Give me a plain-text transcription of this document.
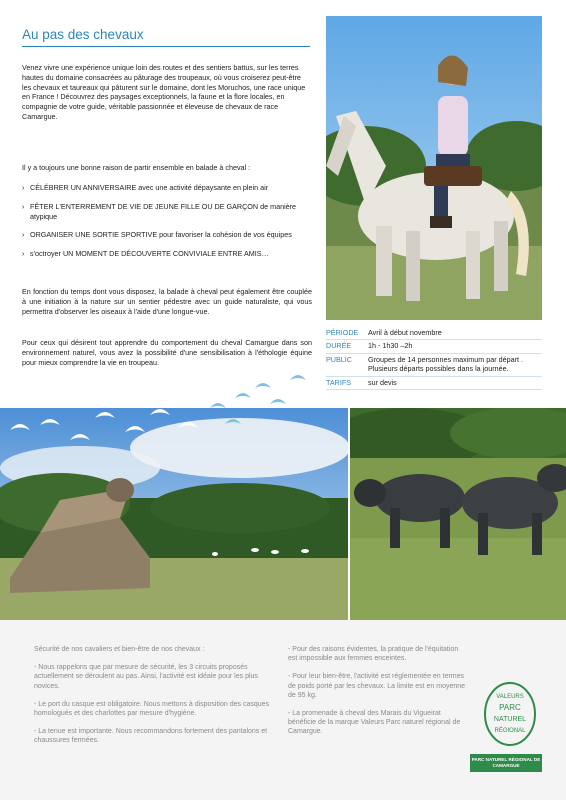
Au pas des chevaux

Venez vivre une expérience unique loin des routes et des sentiers battus, sur les terres hautes du domaine consacrées au pâturage des troupeaux, où vous croiserez peut-être les chevaux et taureaux qui pâturent sur le domaine, dont les Moruchos, une race unique en France ! Découvrez des paysages exceptionnels, la faune et la flore locales, en compagnie de votre guide, véritable passionnée et éleveuse de chevaux de race Camargue.

Il y a toujours une bonne raison de partir ensemble en balade à cheval :

› CÉLÉBRER UN ANNIVERSAIRE avec une activité dépaysante en plein air
› FÊTER L'ENTERREMENT DE VIE DE JEUNE FILLE OU DE GARÇON de manière atypique
› ORGANISER UNE SORTIE SPORTIVE pour favoriser la cohésion de vos équipes
› s'octroyer UN MOMENT DE DÉCOUVERTE CONVIVIALE ENTRE AMIS…

En fonction du temps dont vous disposez, la balade à cheval peut également être couplée à une initiation à la nature sur un sentier pédestre avec un guide naturaliste, qui vous permettra d'observer les oiseaux à l'aide d'une longue-vue.

Pour ceux qui désirent tout apprendre du comportement du cheval Camargue dans son environnement naturel, vous avez la possibilité d'une sensibilisation à l'éthologie équine pour mieux comprendre la vie en troupeau.

PÉRIODE	Avril à début novembre
DURÉE	1h - 1h30 –2h
PUBLIC	Groupes de 14 personnes maximum par départ . Plusieurs départs possibles dans la journée.
TARIFS	sur devis

Sécurité de nos cavaliers et bien-être de nos chevaux :

- Nous rappelons que par mesure de sécurité, les 3 circuits proposés actuellement se déroulent au pas. Ainsi, l'activité est idéale pour les plus novices.

- Le port du casque est obligatoire. Nous mettons à disposition des casques homologués et des charlottes par mesure d'hygiène.

- La tenue est importante. Nous recommandons fortement des pantalons et chaussures fermées.

- Pour des raisons évidentes, la pratique de l'équitation est impossible aux femmes enceintes.

- Pour leur bien-être, l'activité est réglementée en termes de poids porté par les chevaux. La limite est en moyenne de 95 kg.

- La promenade à cheval des Marais du Vigueirat bénéficie de la marque Valeurs Parc naturel régional de Camargue.

VALEURS
PARC
NATUREL
RÉGIONAL
PARC NATUREL RÉGIONAL DE CAMARGUE
